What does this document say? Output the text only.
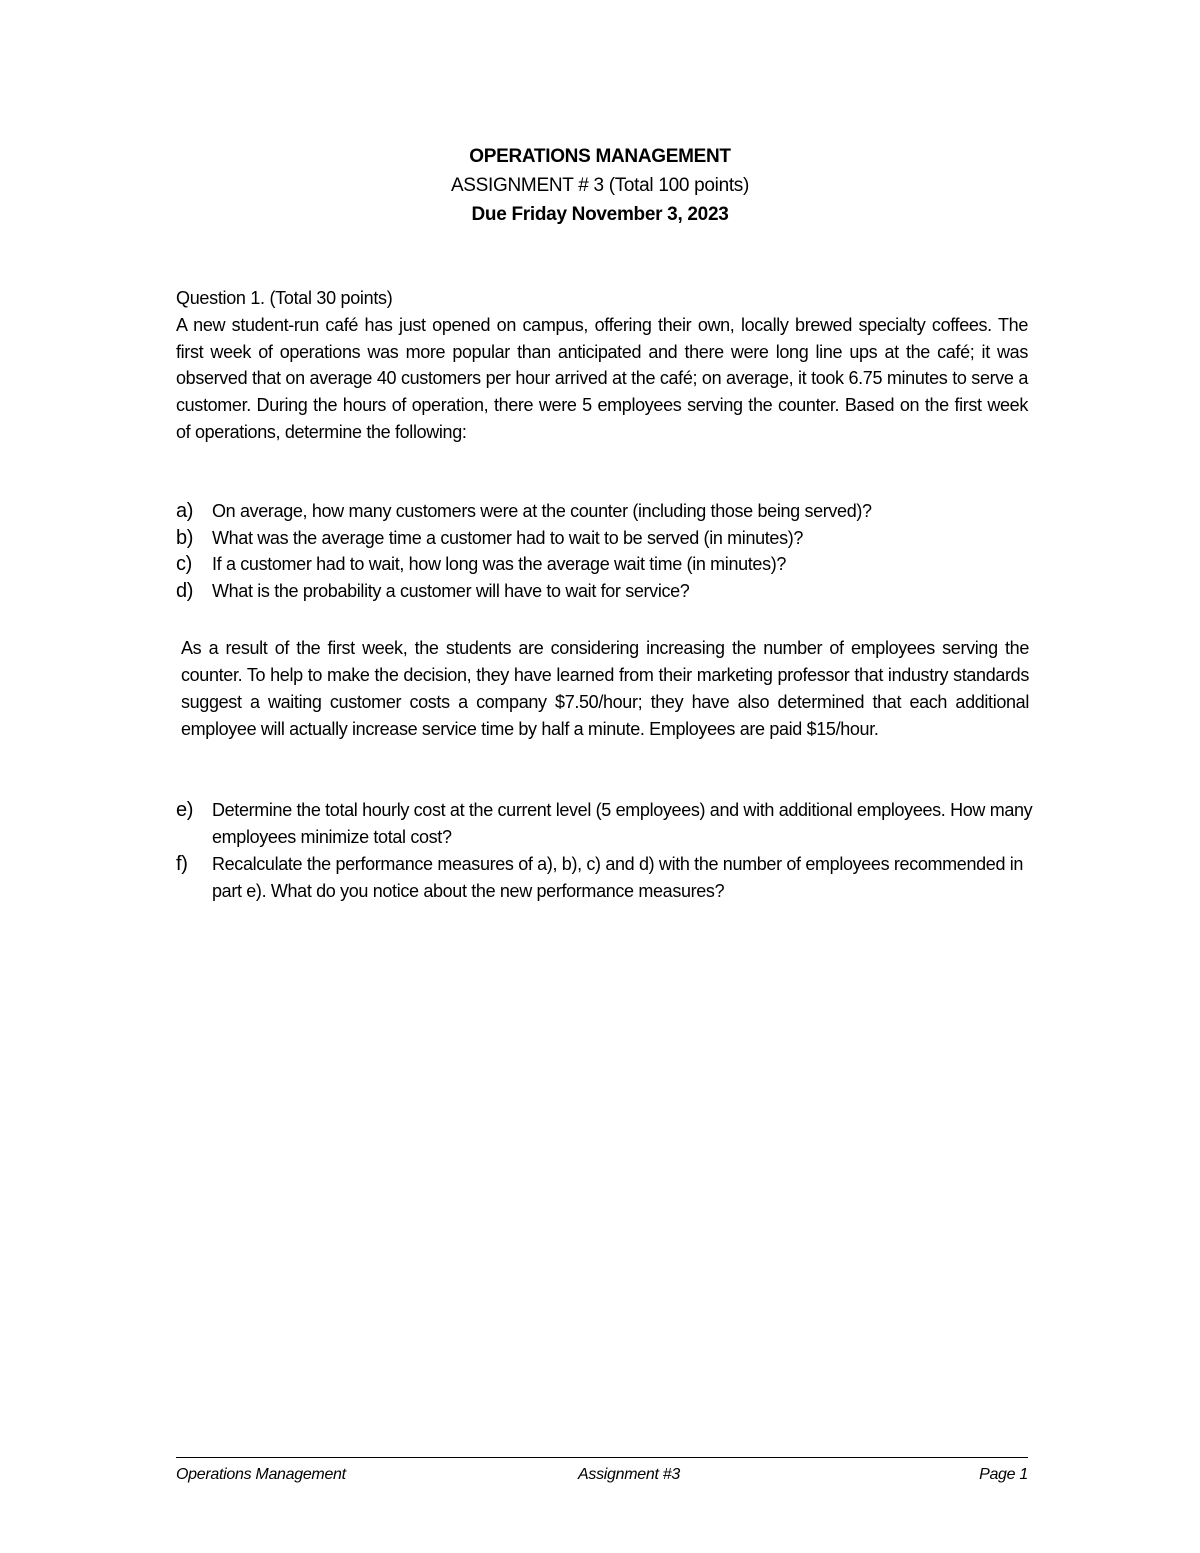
OPERATIONS MANAGEMENT
ASSIGNMENT # 3 (Total 100 points)
Due Friday November 3, 2023
Question 1. (Total 30 points)

A new student-run café has just opened on campus, offering their own, locally brewed specialty coffees. The first week of operations was more popular than anticipated and there were long line ups at the café; it was observed that on average 40 customers per hour arrived at the café; on average, it took 6.75 minutes to serve a customer. During the hours of operation, there were 5 employees serving the counter. Based on the first week of operations, determine the following:

a)	On average, how many customers were at the counter (including those being served)?
b)	What was the average time a customer had to wait to be served (in minutes)?
c)	If a customer had to wait, how long was the average wait time (in minutes)?
d)	What is the probability a customer will have to wait for service?

As a result of the first week, the students are considering increasing the number of employees serving the counter. To help to make the decision, they have learned from their marketing professor that industry standards suggest a waiting customer costs a company $7.50/hour; they have also determined that each additional employee will actually increase service time by half a minute. Employees are paid $15/hour.

e)	Determine the total hourly cost at the current level (5 employees) and with additional employees. How many employees minimize total cost?
f)	Recalculate the performance measures of a), b), c) and d) with the number of employees recommended in part e). What do you notice about the new performance measures?
Operations Management	Assignment #3	Page 1
